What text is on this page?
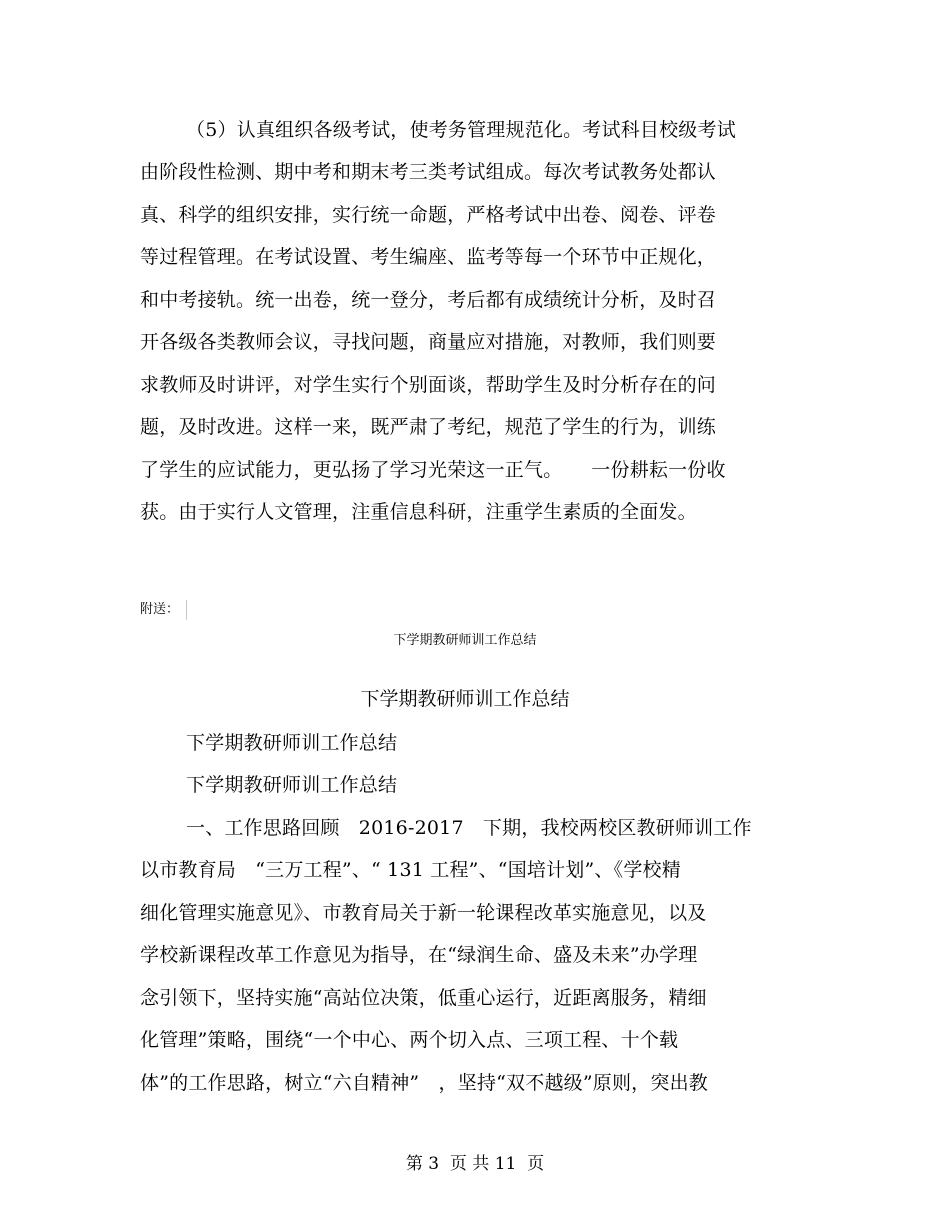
（5）认真组织各级考试，使考务管理规范化。考试科目校级考试
由阶段性检测、期中考和期末考三类考试组成。每次考试教务处都认
真、科学的组织安排，实行统一命题，严格考试中出卷、阅卷、评卷
等过程管理。在考试设置、考生编座、监考等每一个环节中正规化，
和中考接轨。统一出卷，统一登分，考后都有成绩统计分析，及时召
开各级各类教师会议，寻找问题，商量应对措施，对教师，我们则要
求教师及时讲评，对学生实行个别面谈，帮助学生及时分析存在的问
题，及时改进。这样一来，既严肃了考纪，规范了学生的行为，训练
了学生的应试能力，更弘扬了学习光荣这一正气。　　一份耕耘一份收
获。由于实行人文管理，注重信息科研，注重学生素质的全面发。
附送：
下学期教研师训工作总结
下学期教研师训工作总结
下学期教研师训工作总结
下学期教研师训工作总结
一、工作思路回顾　2016-2017　下期，我校两校区教研师训工作
以市教育局　“三万工程”、“ 131 工程”、“国培计划”、《学校精
细化管理实施意见》、市教育局关于新一轮课程改革实施意见，以及
学校新课程改革工作意见为指导，在“绿润生命、盛及未来”办学理
念引领下，坚持实施“高站位决策，低重心运行，近距离服务，精细
化管理”策略，围绕“一个中心、两个切入点、三项工程、十个载
体”的工作思路，树立“六自精神”　，坚持“双不越级”原则，突出教
第 3  页 共 11  页
